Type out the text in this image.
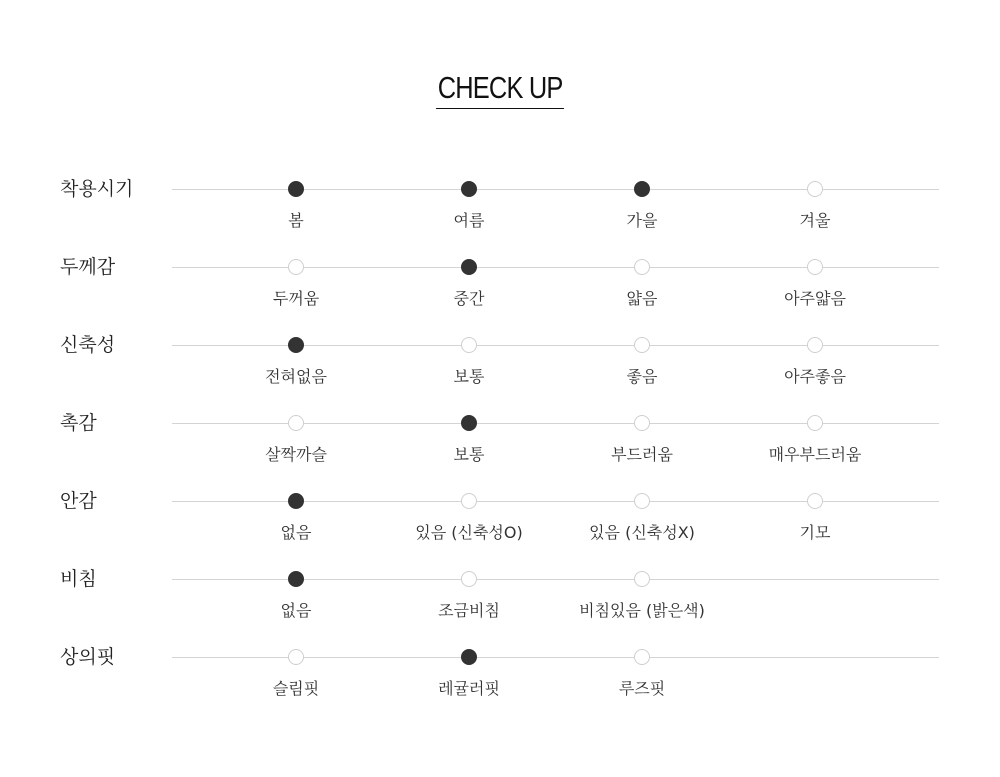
CHECK UP
착용시기
봄	여름	가을	겨울
두께감
두꺼움	중간	얇음	아주얇음
신축성
전혀없음	보통	좋음	아주좋음
촉감
살짝까슬	보통	부드러움	매우부드러움
안감
없음	있음 (신축성O)	있음 (신축성X)	기모
비침
없음	조금비침	비침있음 (밝은색)
상의핏
슬림핏	레귤러핏	루즈핏
